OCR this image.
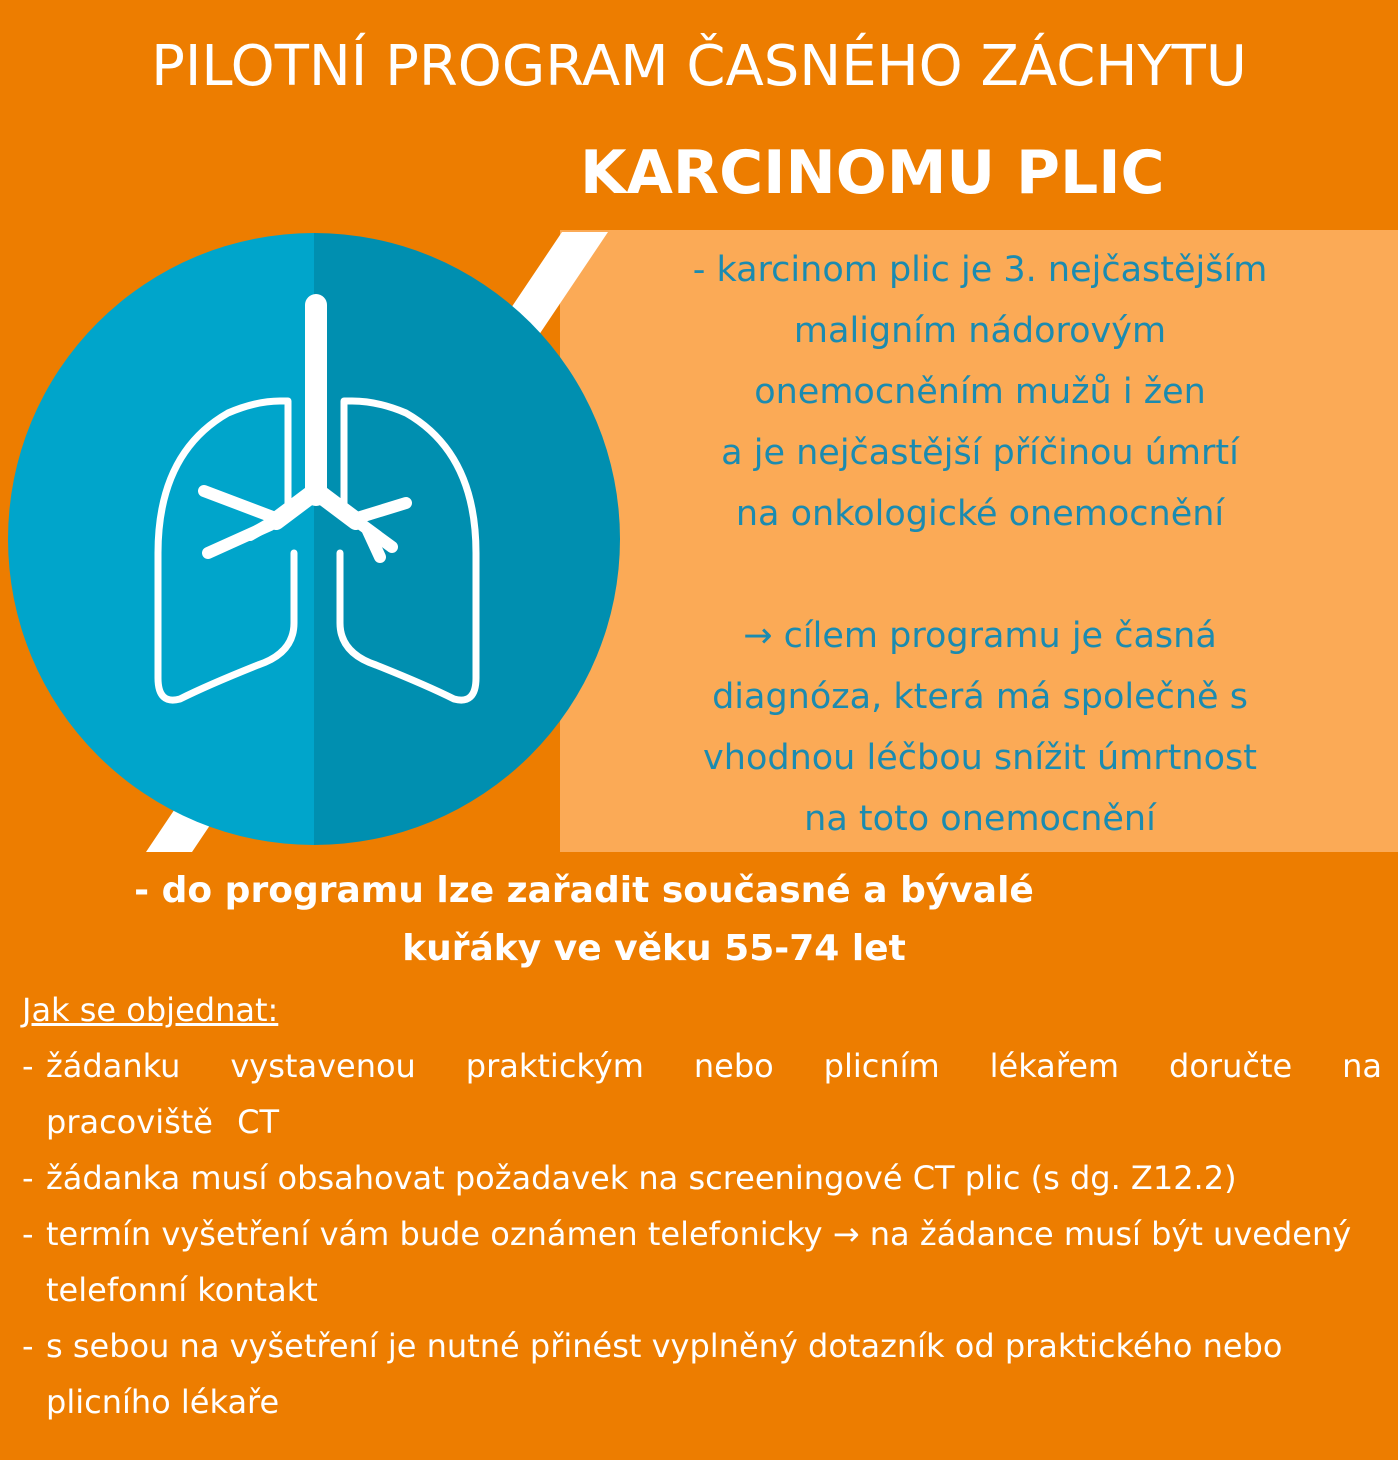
PILOTNÍ PROGRAM ČASNÉHO ZÁCHYTU
KARCINOMU PLIC

- karcinom plic je 3. nejčastějším

maligním nádorovým

onemocněním mužů i žen

a je nejčastější příčinou úmrtí

na onkologické onemocnění

→ cílem programu je časná

diagnóza, která má společně s

vhodnou léčbou snížit úmrtnost

na toto onemocnění

- do programu lze zařadit současné a bývalé

kuřáky ve věku 55-74 let

Jak se objednat:

- žádanku vystavenou praktickým nebo plicním lékařem doručte na pracoviště CT
- žádanka musí obsahovat požadavek na screeningové CT plic (s dg. Z12.2)
- termín vyšetření vám bude oznámen telefonicky → na žádance musí být uvedený telefonní kontakt
- s sebou na vyšetření je nutné přinést vyplněný dotazník od praktického nebo plicního lékaře
